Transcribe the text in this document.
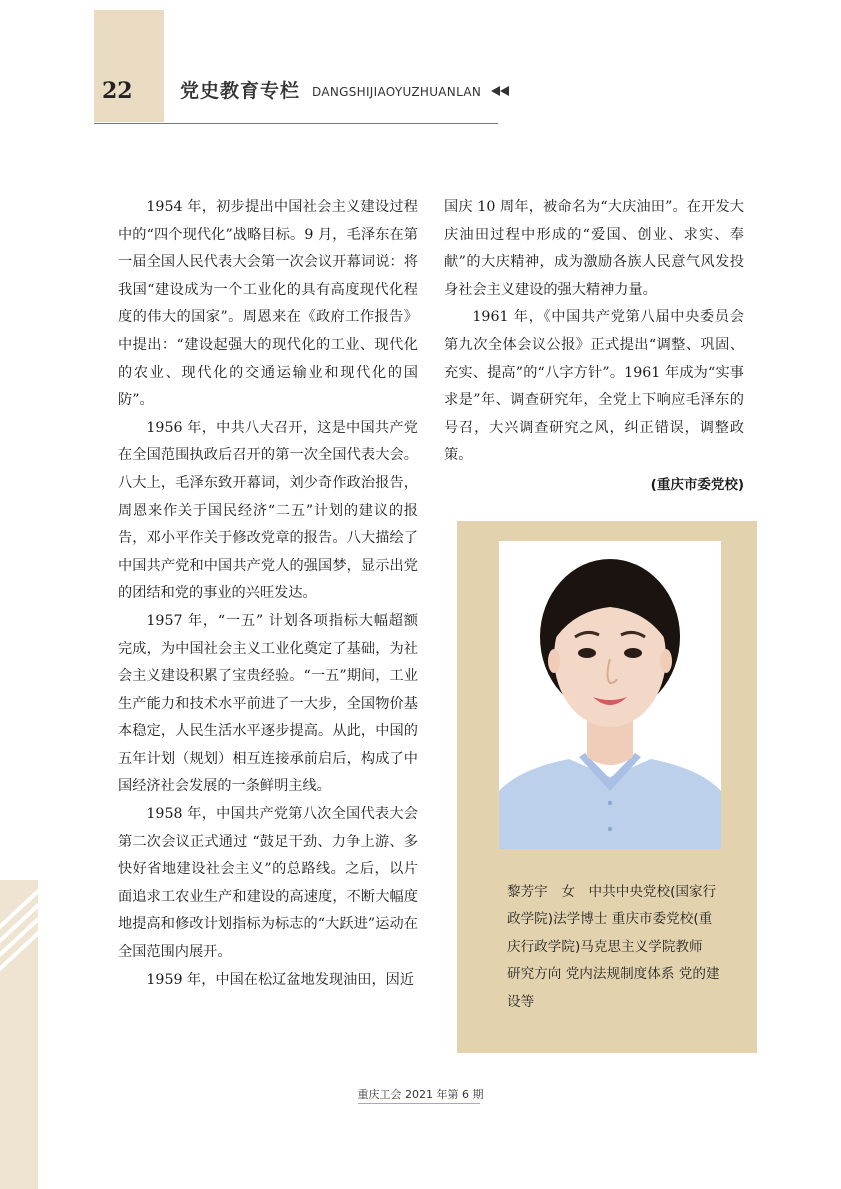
22 党史教育专栏 DANGSHIJIAOYUZHUANLAN

1954 年，初步提出中国社会主义建设过程中的“四个现代化”战略目标。9 月，毛泽东在第一届全国人民代表大会第一次会议开幕词说：将我国“建设成为一个工业化的具有高度现代化程度的伟大的国家”。周恩来在《政府工作报告》中提出：“建设起强大的现代化的工业、现代化的农业、现代化的交通运输业和现代化的国防”。

1956 年，中共八大召开，这是中国共产党在全国范围执政后召开的第一次全国代表大会。八大上，毛泽东致开幕词，刘少奇作政治报告，周恩来作关于国民经济“二五”计划的建议的报告，邓小平作关于修改党章的报告。八大描绘了中国共产党和中国共产党人的强国梦，显示出党的团结和党的事业的兴旺发达。

1957 年，“一五” 计划各项指标大幅超额完成，为中国社会主义工业化奠定了基础，为社会主义建设积累了宝贵经验。“一五”期间，工业生产能力和技术水平前进了一大步，全国物价基本稳定，人民生活水平逐步提高。从此，中国的五年计划（规划）相互连接承前启后，构成了中国经济社会发展的一条鲜明主线。

1958 年，中国共产党第八次全国代表大会第二次会议正式通过 “鼓足干劲、力争上游、多快好省地建设社会主义”的总路线。之后，以片面追求工农业生产和建设的高速度，不断大幅度地提高和修改计划指标为标志的“大跃进”运动在全国范围内展开。

1959 年，中国在松辽盆地发现油田，因近

国庆 10 周年，被命名为“大庆油田”。在开发大庆油田过程中形成的“爱国、创业、求实、奉献”的大庆精神，成为激励各族人民意气风发投身社会主义建设的强大精神力量。

1961 年，《中国共产党第八届中央委员会第九次全体会议公报》正式提出“调整、巩固、充实、提高”的“八字方针”。1961 年成为“实事求是”年、调查研究年，全党上下响应毛泽东的号召，大兴调查研究之风，纠正错误，调整政策。

(重庆市委党校)
黎芳宇　女　中共中央党校(国家行政学院)法学博士 重庆市委党校(重庆行政学院)马克思主义学院教师　研究方向 党内法规制度体系 党的建设等
重庆工会 2021 年第 6 期
